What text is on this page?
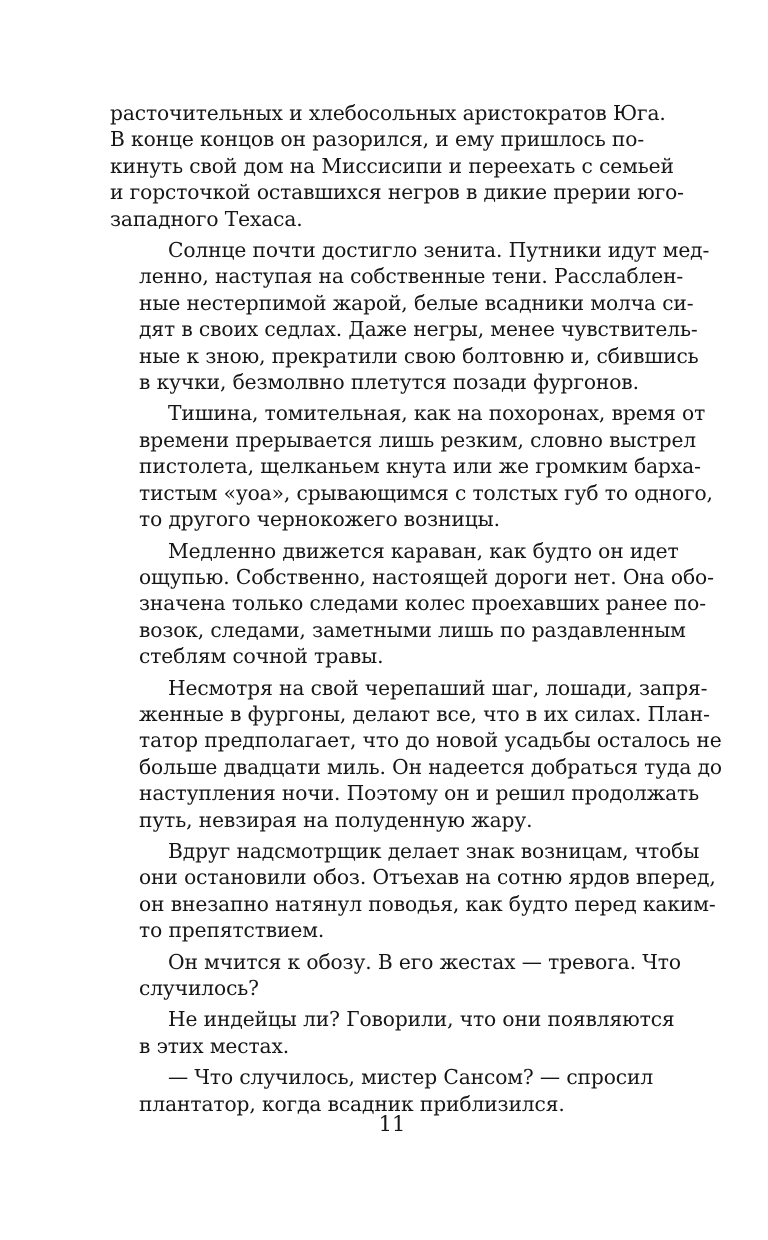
расточительных и хлебосольных аристократов Юга.
В конце концов он разорился, и ему пришлось по-
кинуть свой дом на Миссисипи и переехать с семьей
и горсточкой оставшихся негров в дикие прерии юго-
западного Техаса.
Солнце почти достигло зенита. Путники идут мед-
ленно, наступая на собственные тени. Расслаблен-
ные нестерпимой жарой, белые всадники молча си-
дят в своих седлах. Даже негры, менее чувствитель-
ные к зною, прекратили свою болтовню и, сбившись
в кучки, безмолвно плетутся позади фургонов.
Тишина, томительная, как на похоронах, время от
времени прерывается лишь резким, словно выстрел
пистолета, щелканьем кнута или же громким барха-
тистым «уоа», срывающимся с толстых губ то одного,
то другого чернокожего возницы.
Медленно движется караван, как будто он идет
ощупью. Собственно, настоящей дороги нет. Она обо-
значена только следами колес проехавших ранее по-
возок, следами, заметными лишь по раздавленным
стеблям сочной травы.
Несмотря на свой черепаший шаг, лошади, запря-
женные в фургоны, делают все, что в их силах. План-
татор предполагает, что до новой усадьбы осталось не
больше двадцати миль. Он надеется добраться туда до
наступления ночи. Поэтому он и решил продолжать
путь, невзирая на полуденную жару.
Вдруг надсмотрщик делает знак возницам, чтобы
они остановили обоз. Отъехав на сотню ярдов вперед,
он внезапно натянул поводья, как будто перед каким-
то препятствием.
Он мчится к обозу. В его жестах — тревога. Что
случилось?
Не индейцы ли? Говорили, что они появляются
в этих местах.
— Что случилось, мистер Сансом? — спросил
плантатор, когда всадник приблизился.
11
